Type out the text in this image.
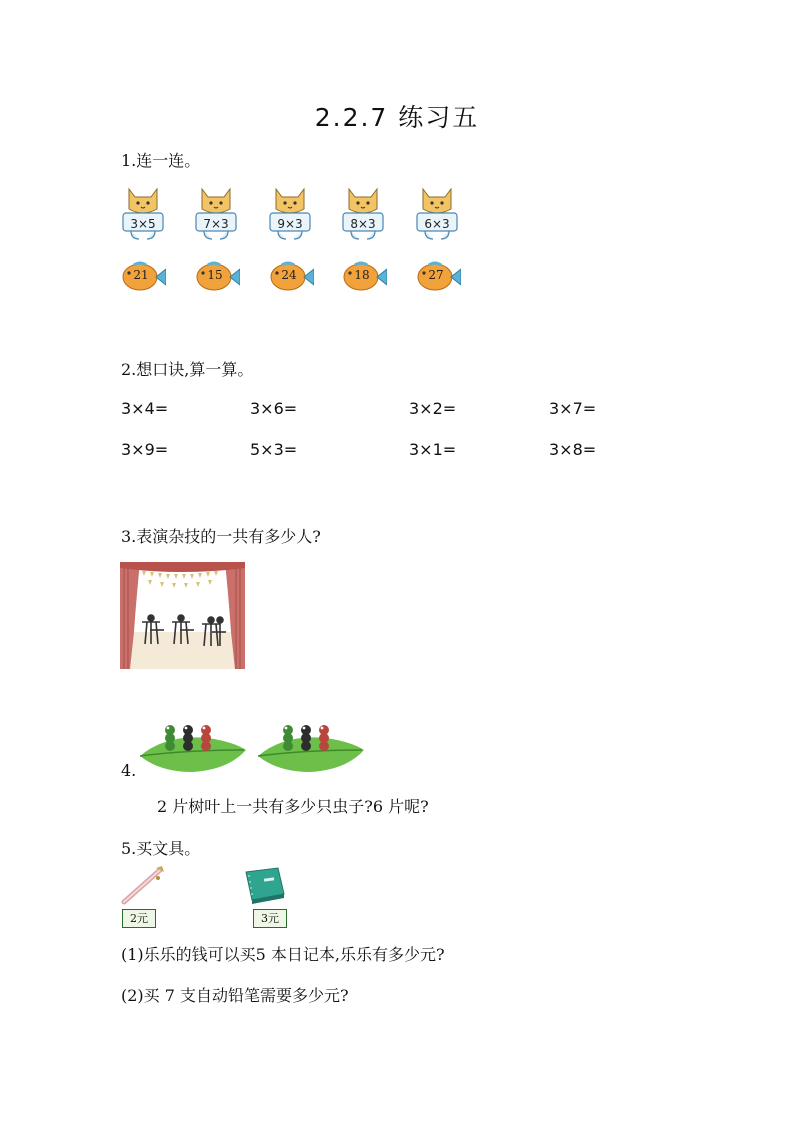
2.2.7 练习五
1.连一连。
3×5	7×3	9×3	8×3	6×3
21	15	24	18	27
2.想口诀,算一算。
3×4=	3×6=	3×2=	3×7=
3×9=	5×3=	3×1=	3×8=
3.表演杂技的一共有多少人?
4.
2 片树叶上一共有多少只虫子?6 片呢?
5.买文具。
2元	3元
(1)乐乐的钱可以买5 本日记本,乐乐有多少元?
(2)买 7 支自动铅笔需要多少元?
